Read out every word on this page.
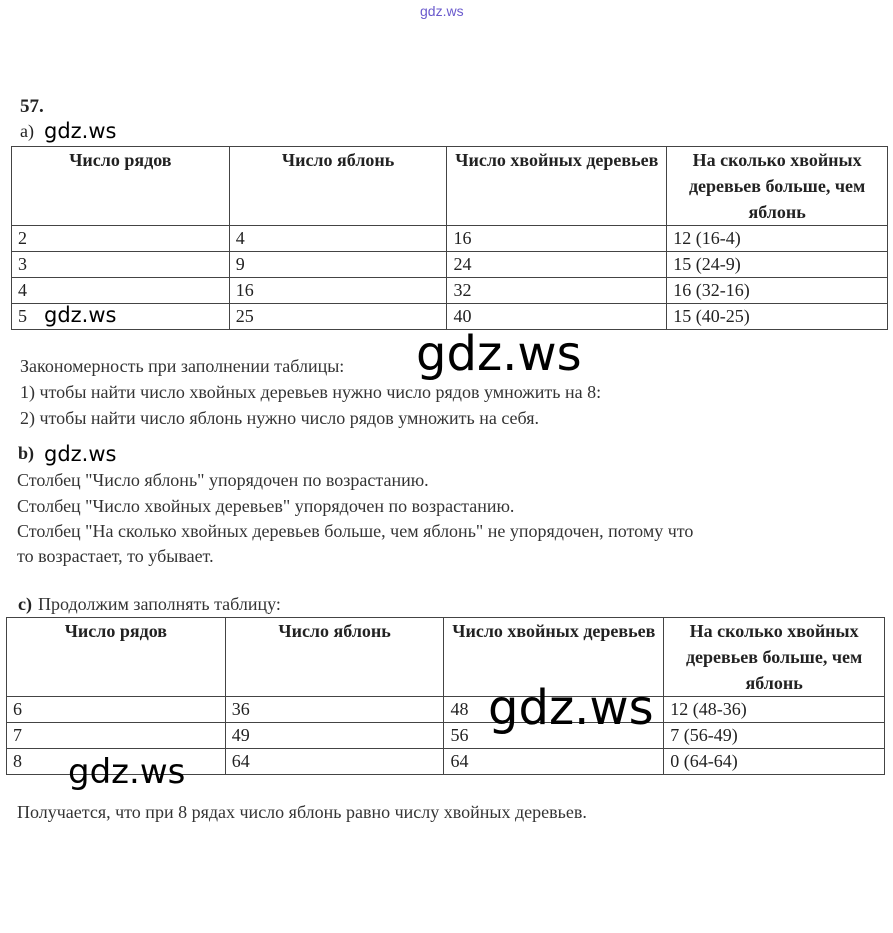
gdz.ws
57.
a) gdz.ws
Число рядов	Число яблонь	Число хвойных деревьев	На сколько хвойных деревьев больше, чем яблонь
2	4	16	12 (16-4)
3	9	24	15 (24-9)
4	16	32	16 (32-16)
5	25	40	15 (40-25)
gdz.ws
Закономерность при заполнении таблицы:
1) чтобы найти число хвойных деревьев нужно число рядов умножить на 8:
2) чтобы найти число яблонь нужно число рядов умножить на себя.
gdz.ws
b) gdz.ws
Столбец "Число яблонь" упорядочен по возрастанию.
Столбец "Число хвойных деревьев" упорядочен по возрастанию.
Столбец "На сколько хвойных деревьев больше, чем яблонь" не упорядочен, потому что
то возрастает, то убывает.
c) Продолжим заполнять таблицу:
Число рядов	Число яблонь	Число хвойных деревьев	На сколько хвойных деревьев больше, чем яблонь
6	36	48	12 (48-36)
7	49	56	7 (56-49)
8	64	64	0 (64-64)
gdz.ws
gdz.ws
Получается, что при 8 рядах число яблонь равно числу хвойных деревьев.
